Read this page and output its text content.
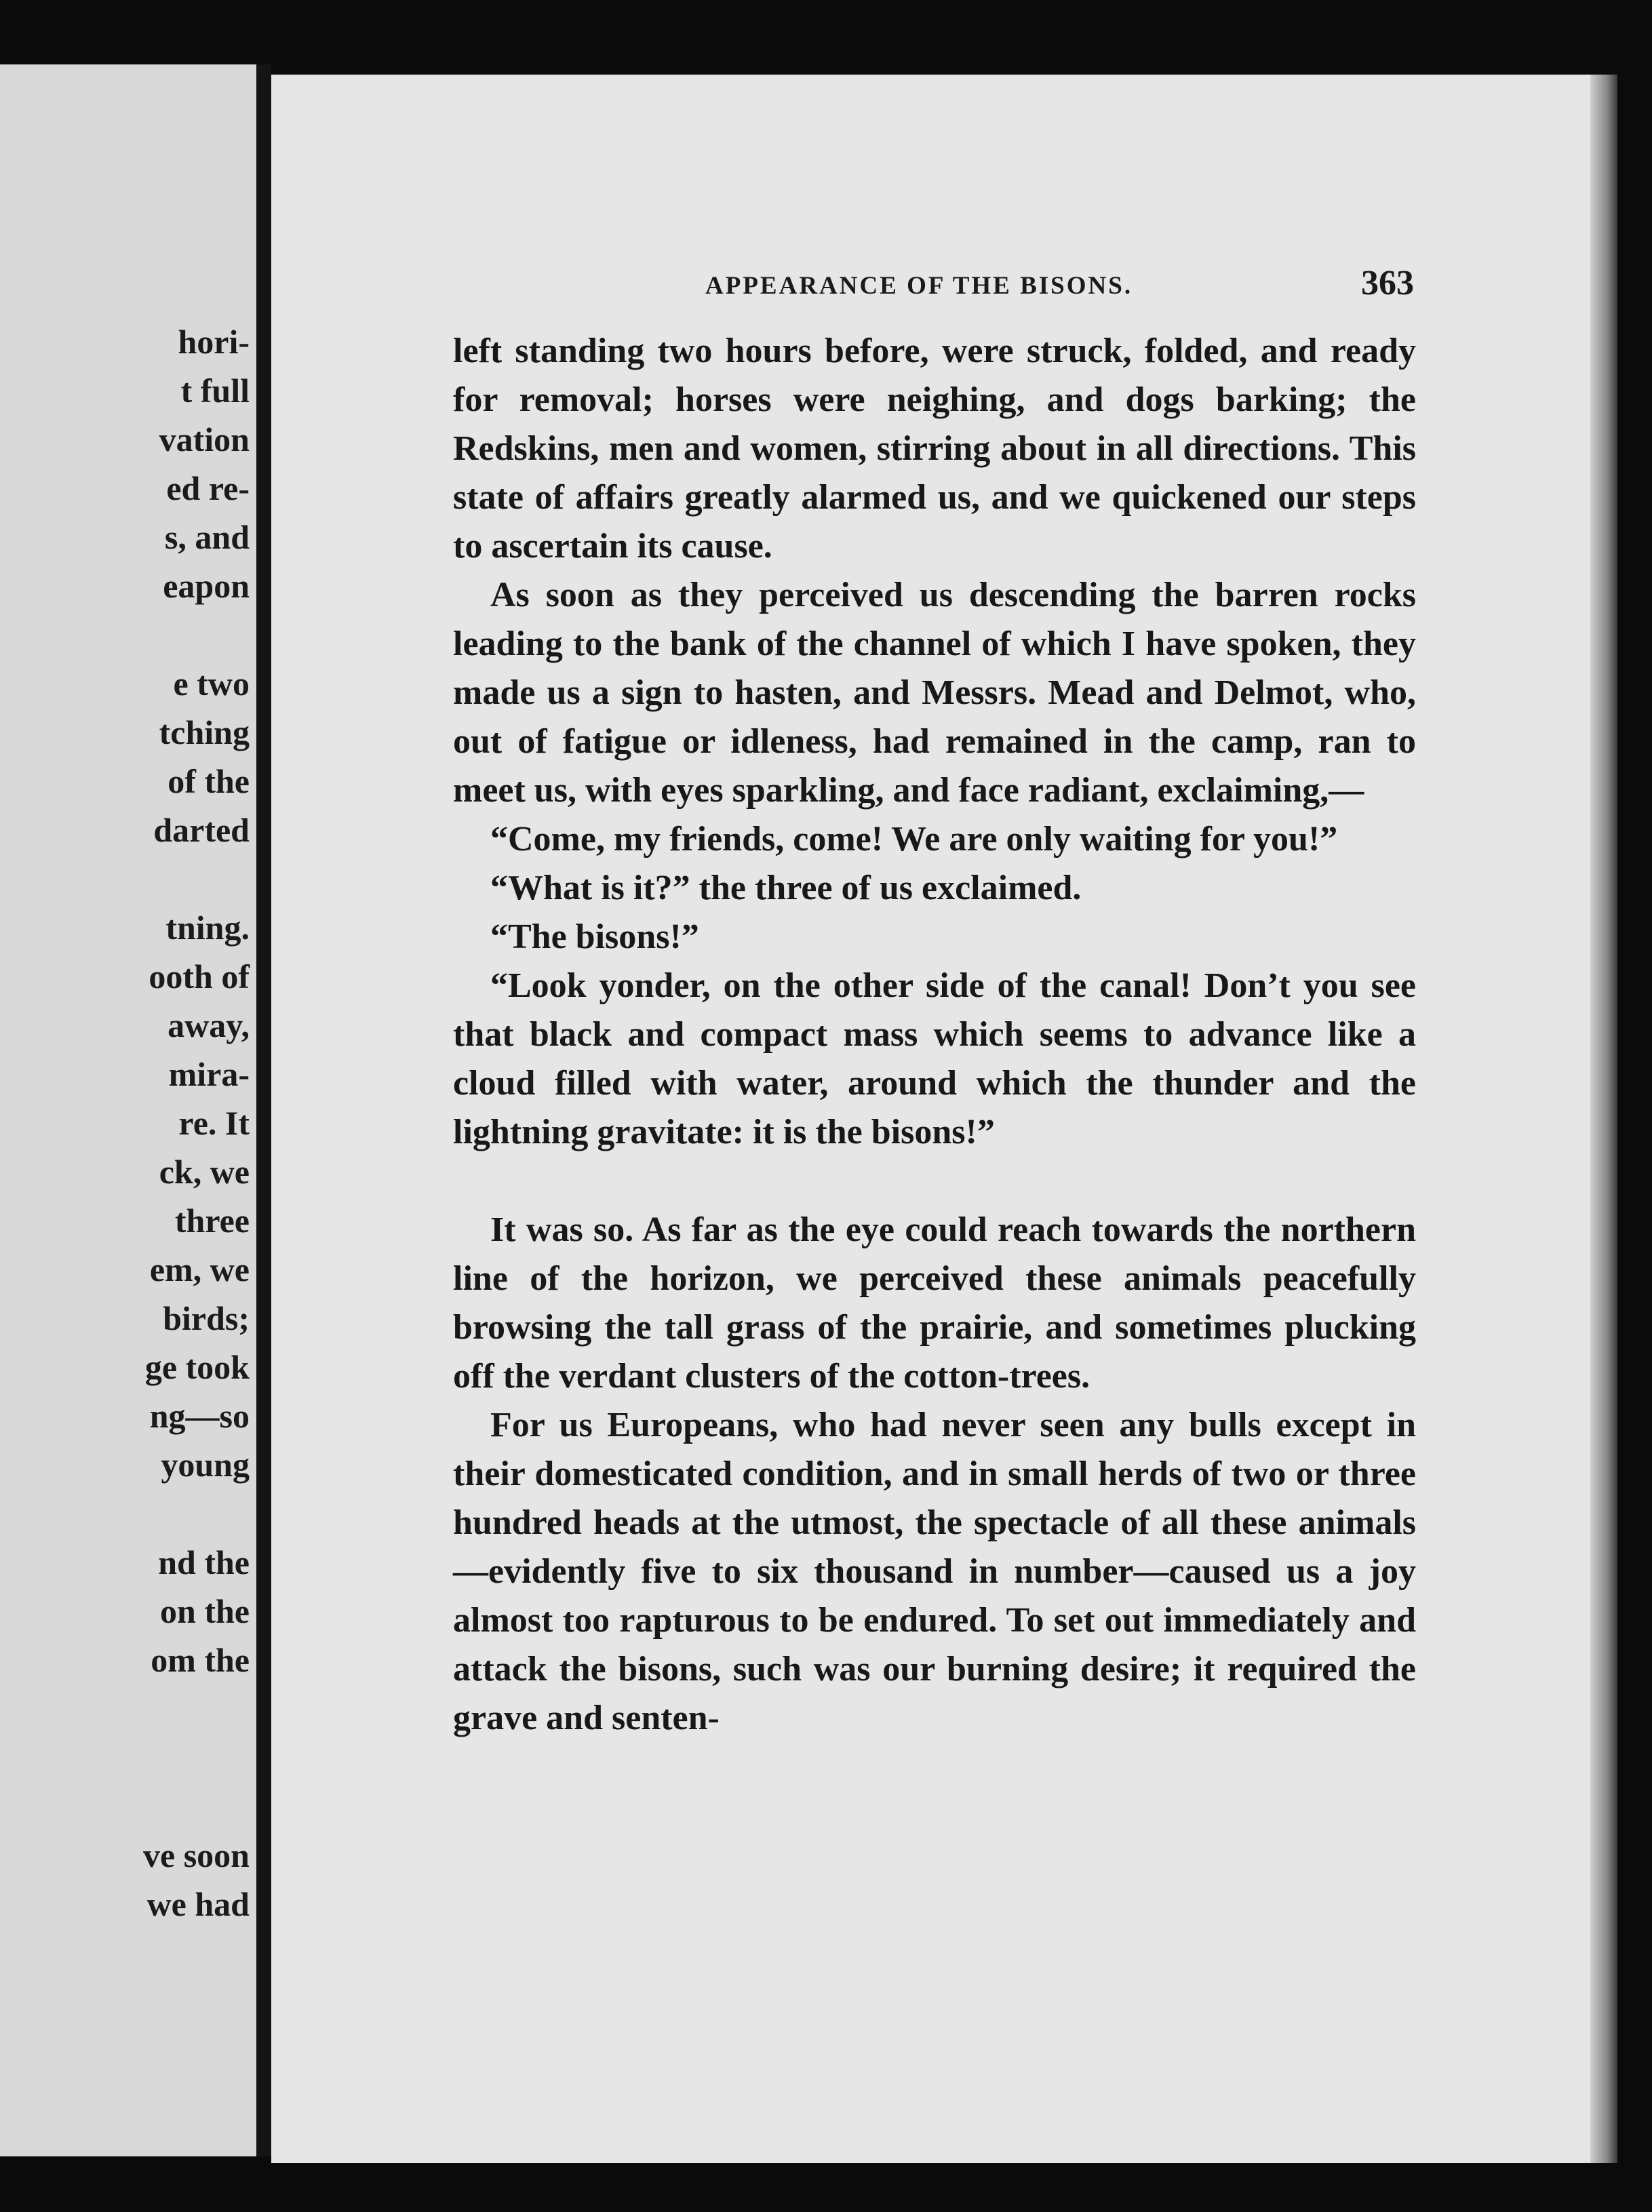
hori-
t full
vation
ed re-
s, and
eapon
e two
tching
of the
darted
tning.
ooth of
away,
mira-
re. It
ck, we
three
em, we
birds;
ge took
ng—so
young
nd the
on the
om the
ve soon
we had
APPEARANCE OF THE BISONS.	363

left standing two hours before, were struck, folded, and ready for removal; horses were neighing, and dogs barking; the Redskins, men and women, stirring about in all directions. This state of affairs greatly alarmed us, and we quickened our steps to ascertain its cause.

As soon as they perceived us descending the barren rocks leading to the bank of the channel of which I have spoken, they made us a sign to hasten, and Messrs. Mead and Delmot, who, out of fatigue or idleness, had remained in the camp, ran to meet us, with eyes sparkling, and face radiant, exclaiming,—

“Come, my friends, come! We are only waiting for you!”

“What is it?” the three of us exclaimed.

“The bisons!”

“Look yonder, on the other side of the canal! Don’t you see that black and compact mass which seems to advance like a cloud filled with water, around which the thunder and the lightning gravitate: it is the bisons!”

It was so. As far as the eye could reach towards the northern line of the horizon, we perceived these animals peacefully browsing the tall grass of the prairie, and sometimes plucking off the verdant clusters of the cotton-trees.

For us Europeans, who had never seen any bulls except in their domesticated condition, and in small herds of two or three hundred heads at the utmost, the spectacle of all these animals—evidently five to six thousand in number—caused us a joy almost too rapturous to be endured. To set out immediately and attack the bisons, such was our burning desire; it required the grave and senten-
